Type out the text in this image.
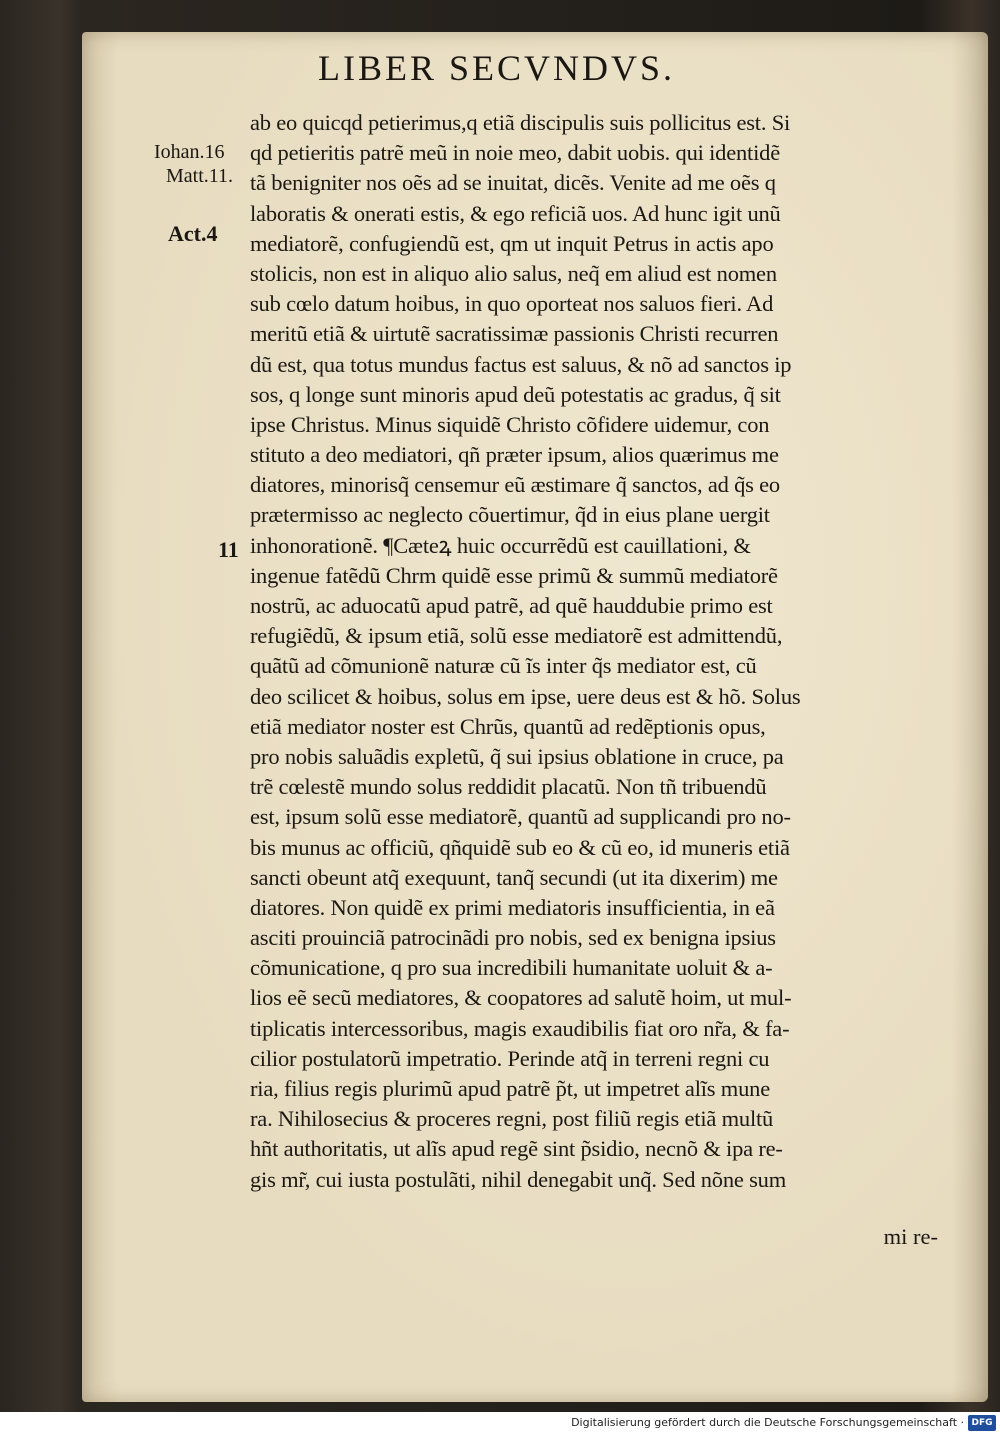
LIBER SECVNDVS.
Iohan.16
Matt.11.
Act.4
11
ab eo quicqd petierimus,q etiã discipulis suis pollicitus est. Si
qd petieritis patrẽ meũ in noie meo, dabit uobis. qui identidẽ
tã benigniter nos oẽs ad se inuitat, dicẽs. Venite ad me oẽs q
laboratis & onerati estis, & ego reficiã uos. Ad hunc igit unũ
mediatorẽ, confugiendũ est, qm ut inquit Petrus in actis apo
stolicis, non est in aliquo alio salus, neq̃ em aliud est nomen
sub cœlo datum hoibus, in quo oporteat nos saluos fieri. Ad
meritũ etiã & uirtutẽ sacratissimæ passionis Christi recurren
dũ est, qua totus mundus factus est saluus, & nõ ad sanctos ip
sos, q longe sunt minoris apud deũ potestatis ac gradus, q̃ sit
ipse Christus. Minus siquidẽ Christo cõfidere uidemur, con
stituto a deo mediatori, qñ præter ipsum, alios quærimus me
diatores, minorisq̃ censemur eũ æstimare q̃ sanctos, ad q̃s eo
prætermisso ac neglecto cõuertimur, q̃d in eius plane uergit
inhonorationẽ. ¶Cæteꝝ huic occurrẽdũ est cauillationi, &
ingenue fatẽdũ Chrm quidẽ esse primũ & summũ mediatorẽ
nostrũ, ac aduocatũ apud patrẽ, ad quẽ hauddubie primo est
refugiẽdũ, & ipsum etiã, solũ esse mediatorẽ est admittendũ,
quãtũ ad cõmunionẽ naturæ cũ ĩs inter q̃s mediator est, cũ
deo scilicet & hoibus, solus em ipse, uere deus est & hõ. Solus
etiã mediator noster est Chrũs, quantũ ad redẽptionis opus,
pro nobis saluãdis expletũ, q̃ sui ipsius oblatione in cruce, pa
trẽ cœlestẽ mundo solus reddidit placatũ. Non tñ tribuendũ
est, ipsum solũ esse mediatorẽ, quantũ ad supplicandi pro no-
bis munus ac officiũ, qñquidẽ sub eo & cũ eo, id muneris etiã
sancti obeunt atq̃ exequunt, tanq̃ secundi (ut ita dixerim) me
diatores. Non quidẽ ex primi mediatoris insufficientia, in eã
asciti prouinciã patrocinãdi pro nobis, sed ex benigna ipsius
cõmunicatione, q pro sua incredibili humanitate uoluit & a-
lios eẽ secũ mediatores, & coopatores ad salutẽ hoim, ut mul-
tiplicatis intercessoribus, magis exaudibilis fiat oro nr̃a, & fa-
cilior postulatorũ impetratio. Perinde atq̃ in terreni regni cu
ria, filius regis plurimũ apud patrẽ p̃t, ut impetret alĩs mune
ra. Nihilosecius & proceres regni, post filiũ regis etiã multũ
hñt authoritatis, ut alĩs apud regẽ sint p̃sidio, necnõ & ipa re-
gis mr̃, cui iusta postulãti, nihil denegabit unq̃. Sed nõne sum
mi re-
Digitalisierung gefördert durch die Deutsche Forschungsgemeinschaft · DFG
